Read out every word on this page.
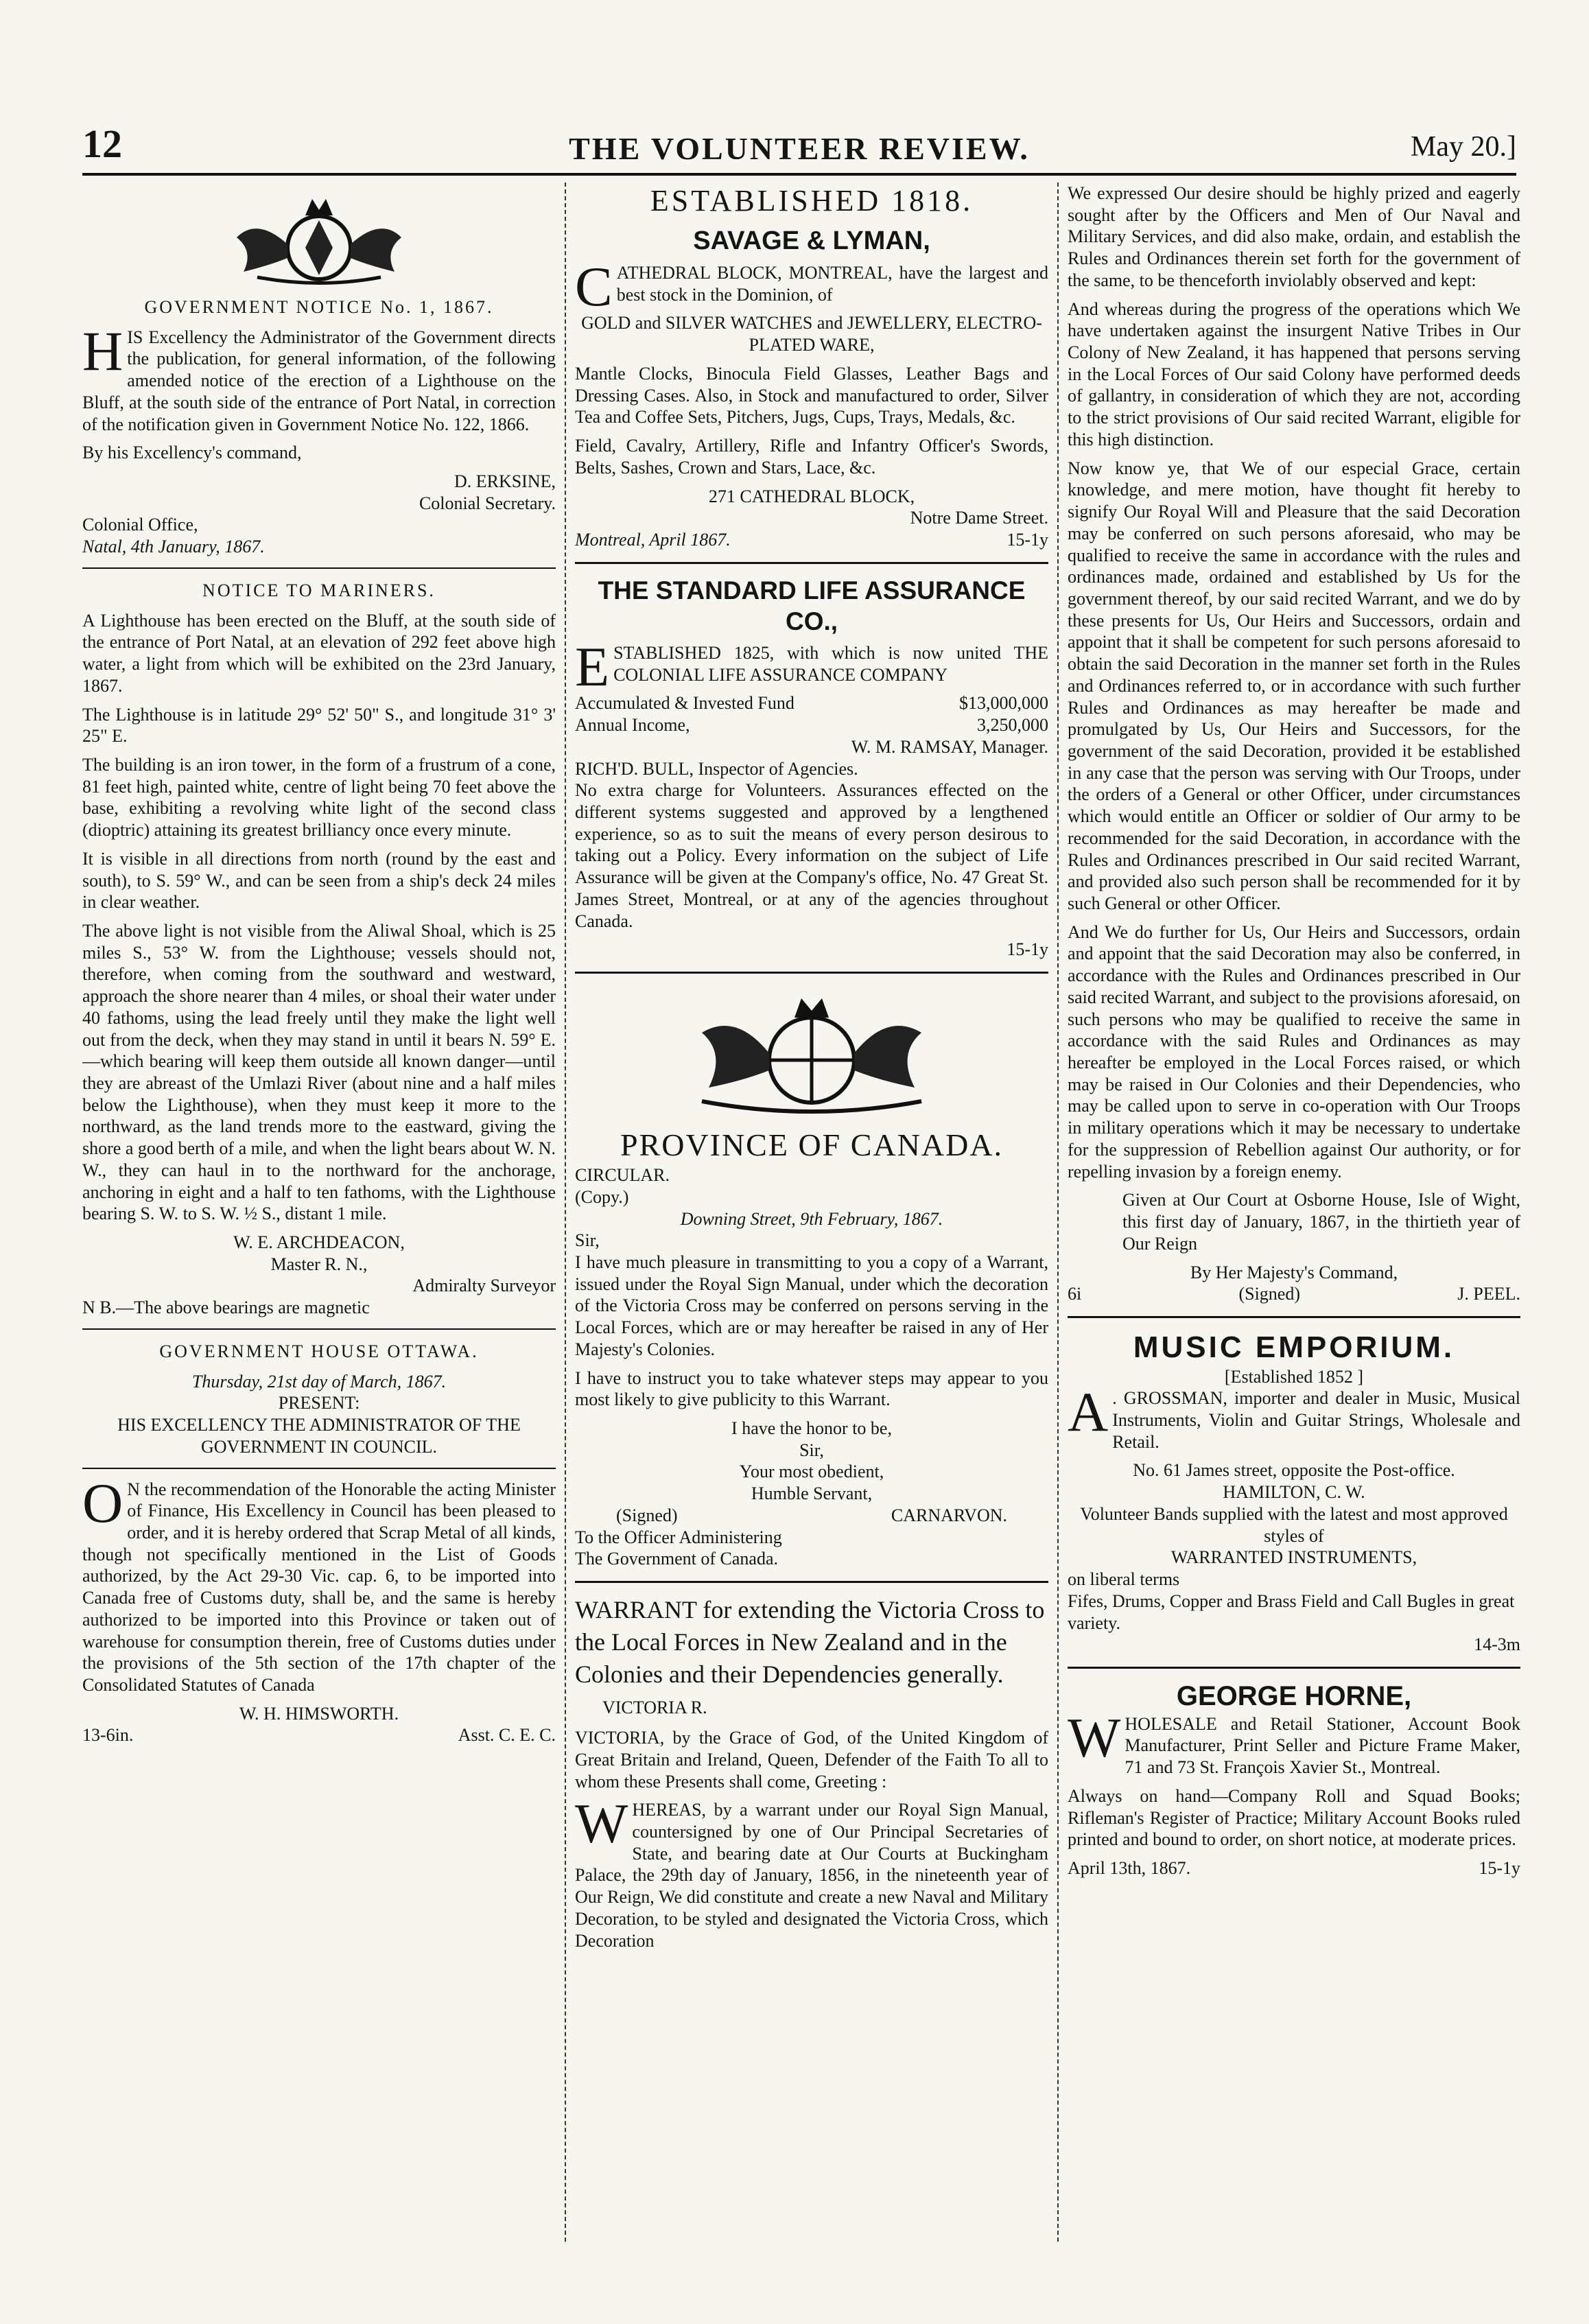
12	THE VOLUNTEER REVIEW.	May 20.]
GOVERNMENT NOTICE No. 1, 1867.

HIS Excellency the Administrator of the Government directs the publication, for general information, of the following amended notice of the erection of a Lighthouse on the Bluff, at the south side of the entrance of Port Natal, in correction of the notification given in Government Notice No. 122, 1866.

By his Excellency's command,

D. ERKSINE,
Colonial Secretary.
Colonial Office,
Natal, 4th January, 1867.
NOTICE TO MARINERS.

A Lighthouse has been erected on the Bluff, at the south side of the entrance of Port Natal, at an elevation of 292 feet above high water, a light from which will be exhibited on the 23rd January, 1867.

The Lighthouse is in latitude 29° 52' 50" S., and longitude 31° 3' 25" E.

The building is an iron tower, in the form of a frustrum of a cone, 81 feet high, painted white, centre of light being 70 feet above the base, exhibiting a revolving white light of the second class (dioptric) attaining its greatest brilliancy once every minute.

It is visible in all directions from north (round by the east and south), to S. 59° W., and can be seen from a ship's deck 24 miles in clear weather.

The above light is not visible from the Aliwal Shoal, which is 25 miles S., 53° W. from the Lighthouse; vessels should not, therefore, when coming from the southward and westward, approach the shore nearer than 4 miles, or shoal their water under 40 fathoms, using the lead freely until they make the light well out from the deck, when they may stand in until it bears N. 59° E.—which bearing will keep them outside all known danger—until they are abreast of the Umlazi River (about nine and a half miles below the Lighthouse), when they must keep it more to the northward, as the land trends more to the eastward, giving the shore a good berth of a mile, and when the light bears about W. N. W., they can haul in to the northward for the anchorage, anchoring in eight and a half to ten fathoms, with the Lighthouse bearing S. W. to S. W. ½ S., distant 1 mile.

W. E. ARCHDEACON,
Master R. N.,
Admiralty Surveyor
N B.—The above bearings are magnetic
GOVERNMENT HOUSE OTTAWA.
Thursday, 21st day of March, 1867.
PRESENT:
HIS EXCELLENCY THE ADMINISTRATOR OF THE GOVERNMENT IN COUNCIL.

O N the recommendation of the Honorable the acting Minister of Finance, His Excellency in Council has been pleased to order, and it is hereby ordered that Scrap Metal of all kinds, though not specifically mentioned in the List of Goods authorized, by the Act 29-30 Vic. cap. 6, to be imported into Canada free of Customs duty, shall be, and the same is hereby authorized to be imported into this Province or taken out of warehouse for consumption therein, free of Customs duties under the provisions of the 5th section of the 17th chapter of the Consolidated Statutes of Canada

W. H. HIMSWORTH.
13-6in.	Asst. C. E. C.
ESTABLISHED 1818.
SAVAGE & LYMAN,

CATHEDRAL BLOCK, MONTREAL, have the largest and best stock in the Dominion, of

GOLD and SILVER WATCHES and JEWELLERY, ELECTRO-PLATED WARE,

Mantle Clocks, Binocula Field Glasses, Leather Bags and Dressing Cases. Also, in Stock and manufactured to order, Silver Tea and Coffee Sets, Pitchers, Jugs, Cups, Trays, Medals, &c.

Field, Cavalry, Artillery, Rifle and Infantry Officer's Swords, Belts, Sashes, Crown and Stars, Lace, &c.

271 CATHEDRAL BLOCK,
Notre Dame Street.
Montreal, April 1867.	15-1y
THE STANDARD LIFE ASSURANCE CO.,

ESTABLISHED 1825, with which is now united THE COLONIAL LIFE ASSURANCE COMPANY

Accumulated & Invested Fund	$13,000,000
Annual Income,	3,250,000
W. M. RAMSAY, Manager.
RICH'D. BULL, Inspector of Agencies.

No extra charge for Volunteers. Assurances effected on the different systems suggested and approved by a lengthened experience, so as to suit the means of every person desirous to taking out a Policy. Every information on the subject of Life Assurance will be given at the Company's office, No. 47 Great St. James Street, Montreal, or at any of the agencies throughout Canada.

15-1y
PROVINCE OF CANADA.
CIRCULAR.
(Copy.)
Downing Street, 9th February, 1867.
Sir,

I have much pleasure in transmitting to you a copy of a Warrant, issued under the Royal Sign Manual, under which the decoration of the Victoria Cross may be conferred on persons serving in the Local Forces, which are or may hereafter be raised in any of Her Majesty's Colonies.

I have to instruct you to take whatever steps may appear to you most likely to give publicity to this Warrant.

I have the honor to be,
Sir,
Your most obedient,
Humble Servant,
(Signed)	CARNARVON.
To the Officer Administering
The Government of Canada.

WARRANT for extending the Victoria Cross to the Local Forces in New Zealand and in the Colonies and their Dependencies generally.

VICTORIA R.

VICTORIA, by the Grace of God, of the United Kingdom of Great Britain and Ireland, Queen, Defender of the Faith To all to whom these Presents shall come, Greeting :

WHEREAS, by a warrant under our Royal Sign Manual, countersigned by one of Our Principal Secretaries of State, and bearing date at Our Courts at Buckingham Palace, the 29th day of January, 1856, in the nineteenth year of Our Reign, We did constitute and create a new Naval and Military Decoration, to be styled and designated the Victoria Cross, which Decoration

We expressed Our desire should be highly prized and eagerly sought after by the Officers and Men of Our Naval and Military Services, and did also make, ordain, and establish the Rules and Ordinances therein set forth for the government of the same, to be thenceforth inviolably observed and kept:

And whereas during the progress of the operations which We have undertaken against the insurgent Native Tribes in Our Colony of New Zealand, it has happened that persons serving in the Local Forces of Our said Colony have performed deeds of gallantry, in consideration of which they are not, according to the strict provisions of Our said recited Warrant, eligible for this high distinction.

Now know ye, that We of our especial Grace, certain knowledge, and mere motion, have thought fit hereby to signify Our Royal Will and Pleasure that the said Decoration may be conferred on such persons aforesaid, who may be qualified to receive the same in accordance with the rules and ordinances made, ordained and established by Us for the government thereof, by our said recited Warrant, and we do by these presents for Us, Our Heirs and Successors, ordain and appoint that it shall be competent for such persons aforesaid to obtain the said Decoration in the manner set forth in the Rules and Ordinances referred to, or in accordance with such further Rules and Ordinances as may hereafter be made and promulgated by Us, Our Heirs and Successors, for the government of the said Decoration, provided it be established in any case that the person was serving with Our Troops, under the orders of a General or other Officer, under circumstances which would entitle an Officer or soldier of Our army to be recommended for the said Decoration, in accordance with the Rules and Ordinances prescribed in Our said recited Warrant, and provided also such person shall be recommended for it by such General or other Officer.

And We do further for Us, Our Heirs and Successors, ordain and appoint that the said Decoration may also be conferred, in accordance with the Rules and Ordinances prescribed in Our said recited Warrant, and subject to the provisions aforesaid, on such persons who may be qualified to receive the same in accordance with the said Rules and Ordinances as may hereafter be employed in the Local Forces raised, or which may be raised in Our Colonies and their Dependencies, who may be called upon to serve in co-operation with Our Troops in military operations which it may be necessary to undertake for the suppression of Rebellion against Our authority, or for repelling invasion by a foreign enemy.

Given at Our Court at Osborne House, Isle of Wight, this first day of January, 1867, in the thirtieth year of Our Reign

By Her Majesty's Command,
6i	(Signed)	J. PEEL.
MUSIC EMPORIUM.
[Established 1852 ]

A . GROSSMAN, importer and dealer in Music, Musical Instruments, Violin and Guitar Strings, Wholesale and Retail.

No. 61 James street, opposite the Post-office.
HAMILTON, C. W.
Volunteer Bands supplied with the latest and most approved styles of
WARRANTED INSTRUMENTS,
on liberal terms
Fifes, Drums, Copper and Brass Field and Call Bugles in great variety.
14-3m
GEORGE HORNE,

WHOLESALE and Retail Stationer, Account Book Manufacturer, Print Seller and Picture Frame Maker, 71 and 73 St. François Xavier St., Montreal.

Always on hand—Company Roll and Squad Books; Rifleman's Register of Practice; Military Account Books ruled printed and bound to order, on short notice, at moderate prices.

April 13th, 1867.	15-1y
